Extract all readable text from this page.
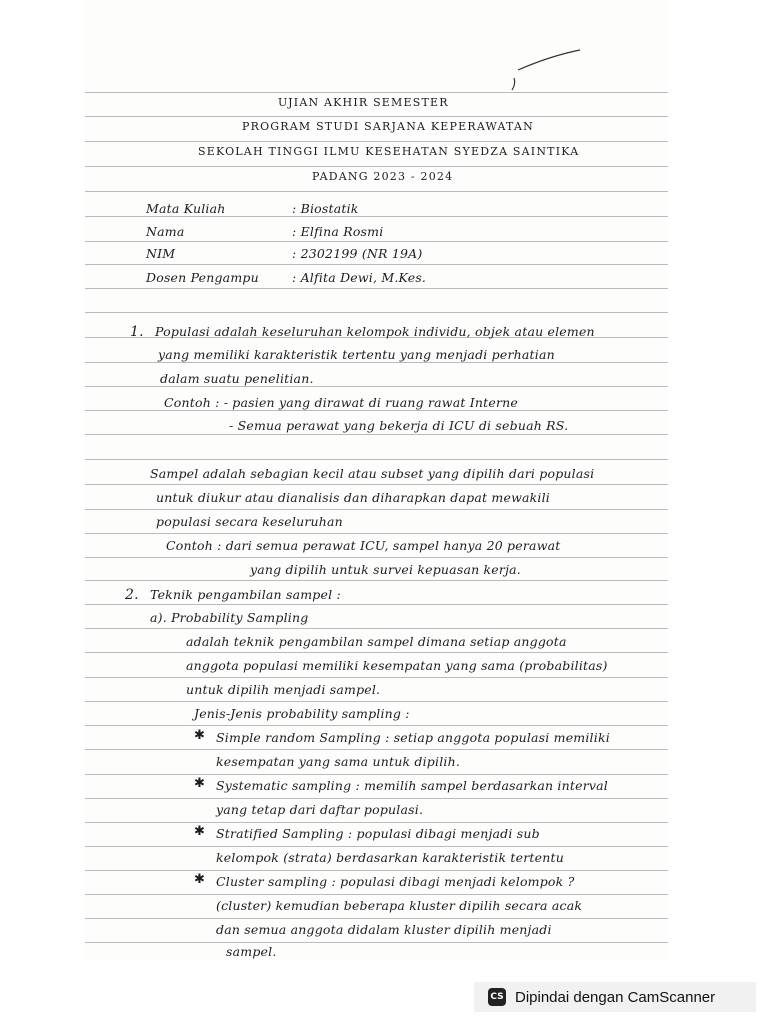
UJIAN AKHIR SEMESTER
PROGRAM STUDI SARJANA KEPERAWATAN
SEKOLAH TINGGI ILMU KESEHATAN SYEDZA SAINTIKA
PADANG 2023 - 2024
Mata Kuliah	: Biostatik
Nama	: Elfina Rosmi
NIM	: 2302199 (NR 19A)
Dosen Pengampu	: Alfita Dewi, M.Kes.
1. Populasi adalah keseluruhan kelompok individu, objek atau elemen
yang memiliki karakteristik tertentu yang menjadi perhatian
dalam suatu penelitian.
Contoh : - pasien yang dirawat di ruang rawat Interne
- Semua perawat yang bekerja di ICU di sebuah RS.
Sampel adalah sebagian kecil atau subset yang dipilih dari populasi
untuk diukur atau dianalisis dan diharapkan dapat mewakili
populasi secara keseluruhan
Contoh : dari semua perawat ICU, sampel hanya 20 perawat
yang dipilih untuk survei kepuasan kerja.
2. Teknik pengambilan sampel :
a). Probability Sampling
adalah teknik pengambilan sampel dimana setiap anggota
anggota populasi memiliki kesempatan yang sama (probabilitas)
untuk dipilih menjadi sampel.
Jenis-Jenis probability sampling :
✱ Simple random Sampling : setiap anggota populasi memiliki
kesempatan yang sama untuk dipilih.
✱ Systematic sampling : memilih sampel berdasarkan interval
yang tetap dari daftar populasi.
✱ Stratified Sampling : populasi dibagi menjadi sub
kelompok (strata) berdasarkan karakteristik tertentu
✱ Cluster sampling : populasi dibagi menjadi kelompok ?
(cluster) kemudian beberapa kluster dipilih secara acak
dan semua anggota didalam kluster dipilih menjadi
sampel.
CS Dipindai dengan CamScanner
